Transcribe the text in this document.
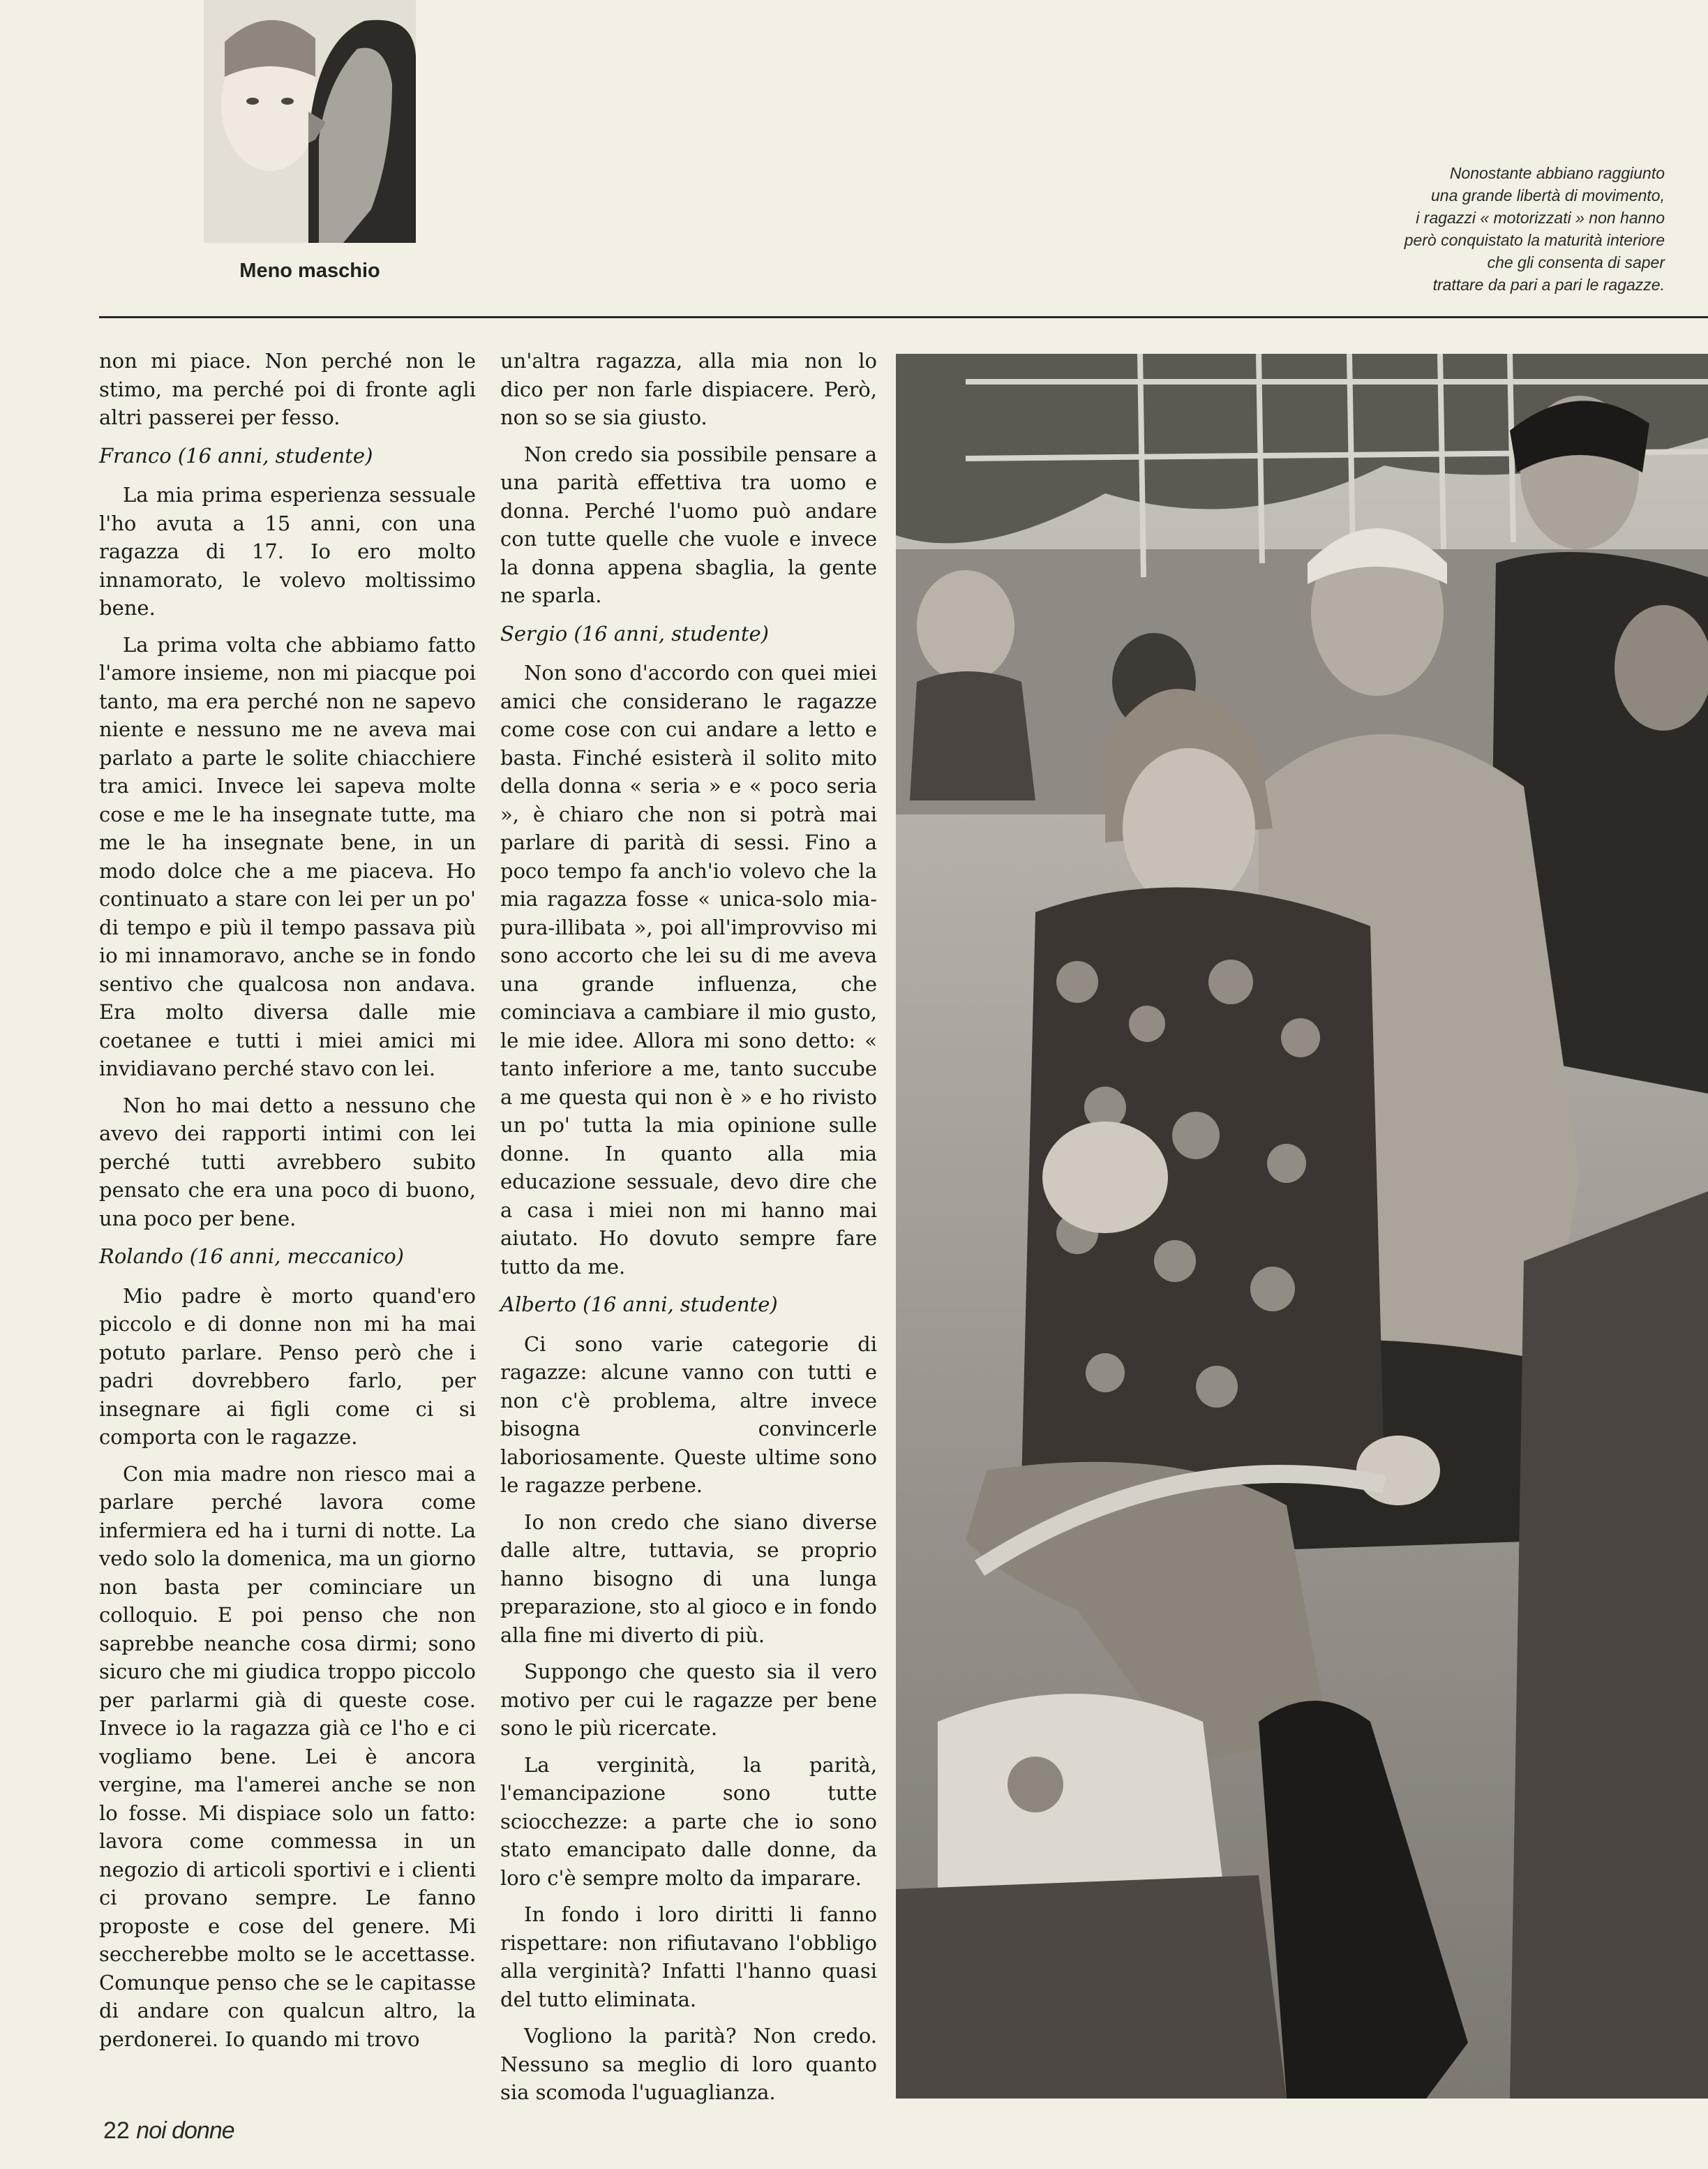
Meno maschio
Nonostante abbiano raggiunto
una grande libertà di movimento,
i ragazzi « motorizzati » non hanno
però conquistato la maturità interiore
che gli consenta di saper
trattare da pari a pari le ragazze.

non mi piace. Non perché non le stimo, ma perché poi di fronte agli altri passerei per fesso.

Franco (16 anni, studente)

La mia prima esperienza sessuale l'ho avuta a 15 anni, con una ragazza di 17. Io ero molto innamorato, le volevo moltissimo bene.

La prima volta che abbiamo fatto l'amore insieme, non mi piacque poi tanto, ma era perché non ne sapevo niente e nessuno me ne aveva mai parlato a parte le solite chiacchiere tra amici. Invece lei sapeva molte cose e me le ha insegnate tutte, ma me le ha insegnate bene, in un modo dolce che a me piaceva. Ho continuato a stare con lei per un po' di tempo e più il tempo passava più io mi innamoravo, anche se in fondo sentivo che qualcosa non andava. Era molto diversa dalle mie coetanee e tutti i miei amici mi invidiavano perché stavo con lei.

Non ho mai detto a nessuno che avevo dei rapporti intimi con lei perché tutti avrebbero subito pensato che era una poco di buono, una poco per bene.

Rolando (16 anni, meccanico)

Mio padre è morto quand'ero piccolo e di donne non mi ha mai potuto parlare. Penso però che i padri dovrebbero farlo, per insegnare ai figli come ci si comporta con le ragazze.

Con mia madre non riesco mai a parlare perché lavora come infermiera ed ha i turni di notte. La vedo solo la domenica, ma un giorno non basta per cominciare un colloquio. E poi penso che non saprebbe neanche cosa dirmi; sono sicuro che mi giudica troppo piccolo per parlarmi già di queste cose. Invece io la ragazza già ce l'ho e ci vogliamo bene. Lei è ancora vergine, ma l'amerei anche se non lo fosse. Mi dispiace solo un fatto: lavora come commessa in un negozio di articoli sportivi e i clienti ci provano sempre. Le fanno proposte e cose del genere. Mi seccherebbe molto se le accettasse. Comunque penso che se le capitasse di andare con qualcun altro, la perdonerei. Io quando mi trovo

un'altra ragazza, alla mia non lo dico per non farle dispiacere. Però, non so se sia giusto.

Non credo sia possibile pensare a una parità effettiva tra uomo e donna. Perché l'uomo può andare con tutte quelle che vuole e invece la donna appena sbaglia, la gente ne sparla.

Sergio (16 anni, studente)

Non sono d'accordo con quei miei amici che considerano le ragazze come cose con cui andare a letto e basta. Finché esisterà il solito mito della donna « seria » e « poco seria », è chiaro che non si potrà mai parlare di parità di sessi. Fino a poco tempo fa anch'io volevo che la mia ragazza fosse « unica-solo mia-pura-illibata », poi all'improvviso mi sono accorto che lei su di me aveva una grande influenza, che cominciava a cambiare il mio gusto, le mie idee. Allora mi sono detto: « tanto inferiore a me, tanto succube a me questa qui non è » e ho rivisto un po' tutta la mia opinione sulle donne. In quanto alla mia educazione sessuale, devo dire che a casa i miei non mi hanno mai aiutato. Ho dovuto sempre fare tutto da me.

Alberto (16 anni, studente)

Ci sono varie categorie di ragazze: alcune vanno con tutti e non c'è problema, altre invece bisogna convincerle laboriosamente. Queste ultime sono le ragazze perbene.

Io non credo che siano diverse dalle altre, tuttavia, se proprio hanno bisogno di una lunga preparazione, sto al gioco e in fondo alla fine mi diverto di più.

Suppongo che questo sia il vero motivo per cui le ragazze per bene sono le più ricercate.

La verginità, la parità, l'emancipazione sono tutte sciocchezze: a parte che io sono stato emancipato dalle donne, da loro c'è sempre molto da imparare.

In fondo i loro diritti li fanno rispettare: non rifiutavano l'obbligo alla verginità? Infatti l'hanno quasi del tutto eliminata.

Vogliono la parità? Non credo. Nessuno sa meglio di loro quanto sia scomoda l'uguaglianza.

22 noi donne
